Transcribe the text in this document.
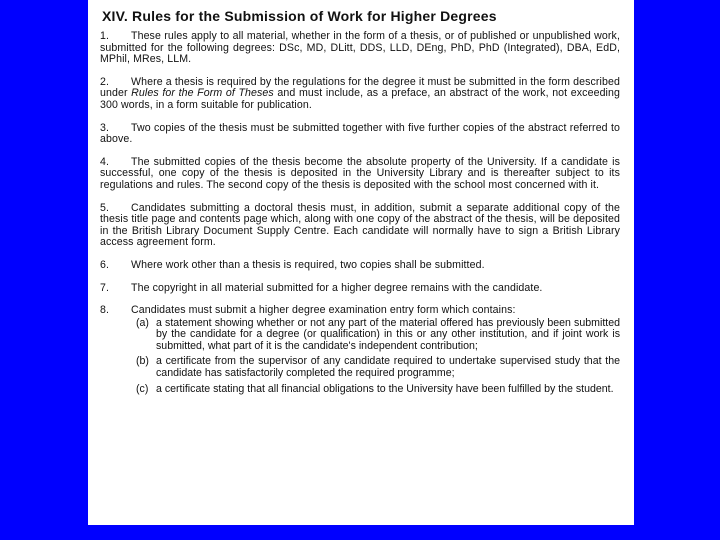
XIV. Rules for the Submission of Work for Higher Degrees
1. These rules apply to all material, whether in the form of a thesis, or of published or unpublished work, submitted for the following degrees: DSc, MD, DLitt, DDS, LLD, DEng, PhD, PhD (Integrated), DBA, EdD, MPhil, MRes, LLM.
2. Where a thesis is required by the regulations for the degree it must be submitted in the form described under Rules for the Form of Theses and must include, as a preface, an abstract of the work, not exceeding 300 words, in a form suitable for publication.
3. Two copies of the thesis must be submitted together with five further copies of the abstract referred to above.
4. The submitted copies of the thesis become the absolute property of the University. If a candidate is successful, one copy of the thesis is deposited in the University Library and is thereafter subject to its regulations and rules. The second copy of the thesis is deposited with the school most concerned with it.
5. Candidates submitting a doctoral thesis must, in addition, submit a separate additional copy of the thesis title page and contents page which, along with one copy of the abstract of the thesis, will be deposited in the British Library Document Supply Centre. Each candidate will normally have to sign a British Library access agreement form.
6. Where work other than a thesis is required, two copies shall be submitted.
7. The copyright in all material submitted for a higher degree remains with the candidate.
8. Candidates must submit a higher degree examination entry form which contains:
(a) a statement showing whether or not any part of the material offered has previously been submitted by the candidate for a degree (or qualification) in this or any other institution, and if joint work is submitted, what part of it is the candidate's independent contribution;
(b) a certificate from the supervisor of any candidate required to undertake supervised study that the candidate has satisfactorily completed the required programme;
(c) a certificate stating that all financial obligations to the University have been fulfilled by the student.
